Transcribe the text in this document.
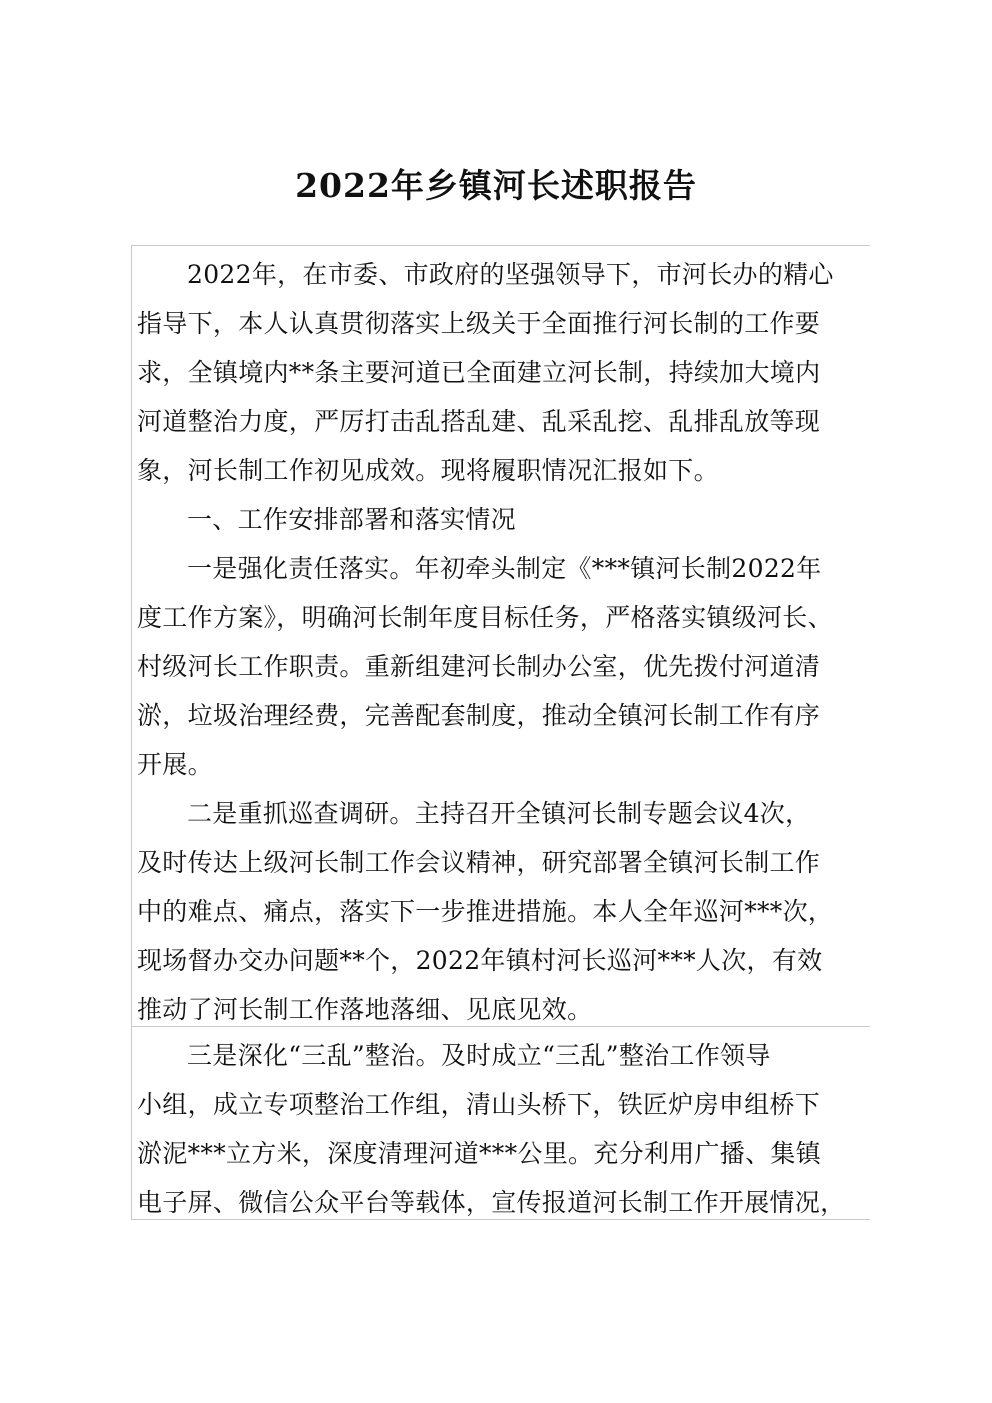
2022年乡镇河长述职报告
2022年，在市委、市政府的坚强领导下，市河长办的精心
指导下，本人认真贯彻落实上级关于全面推行河长制的工作要
求，全镇境内**条主要河道已全面建立河长制，持续加大境内
河道整治力度，严厉打击乱搭乱建、乱采乱挖、乱排乱放等现
象，河长制工作初见成效。现将履职情况汇报如下。
一、工作安排部署和落实情况
一是强化责任落实。年初牵头制定《***镇河长制2022年
度工作方案》，明确河长制年度目标任务，严格落实镇级河长、
村级河长工作职责。重新组建河长制办公室，优先拨付河道清
淤，垃圾治理经费，完善配套制度，推动全镇河长制工作有序
开展。
二是重抓巡查调研。主持召开全镇河长制专题会议4次，
及时传达上级河长制工作会议精神，研究部署全镇河长制工作
中的难点、痛点，落实下一步推进措施。本人全年巡河***次，
现场督办交办问题**个，2022年镇村河长巡河***人次，有效
推动了河长制工作落地落细、见底见效。
三是深化“三乱”整治。及时成立“三乱”整治工作领导
小组，成立专项整治工作组，清山头桥下，铁匠炉房申组桥下
淤泥***立方米，深度清理河道***公里。充分利用广播、集镇
电子屏、微信公众平台等载体，宣传报道河长制工作开展情况，
